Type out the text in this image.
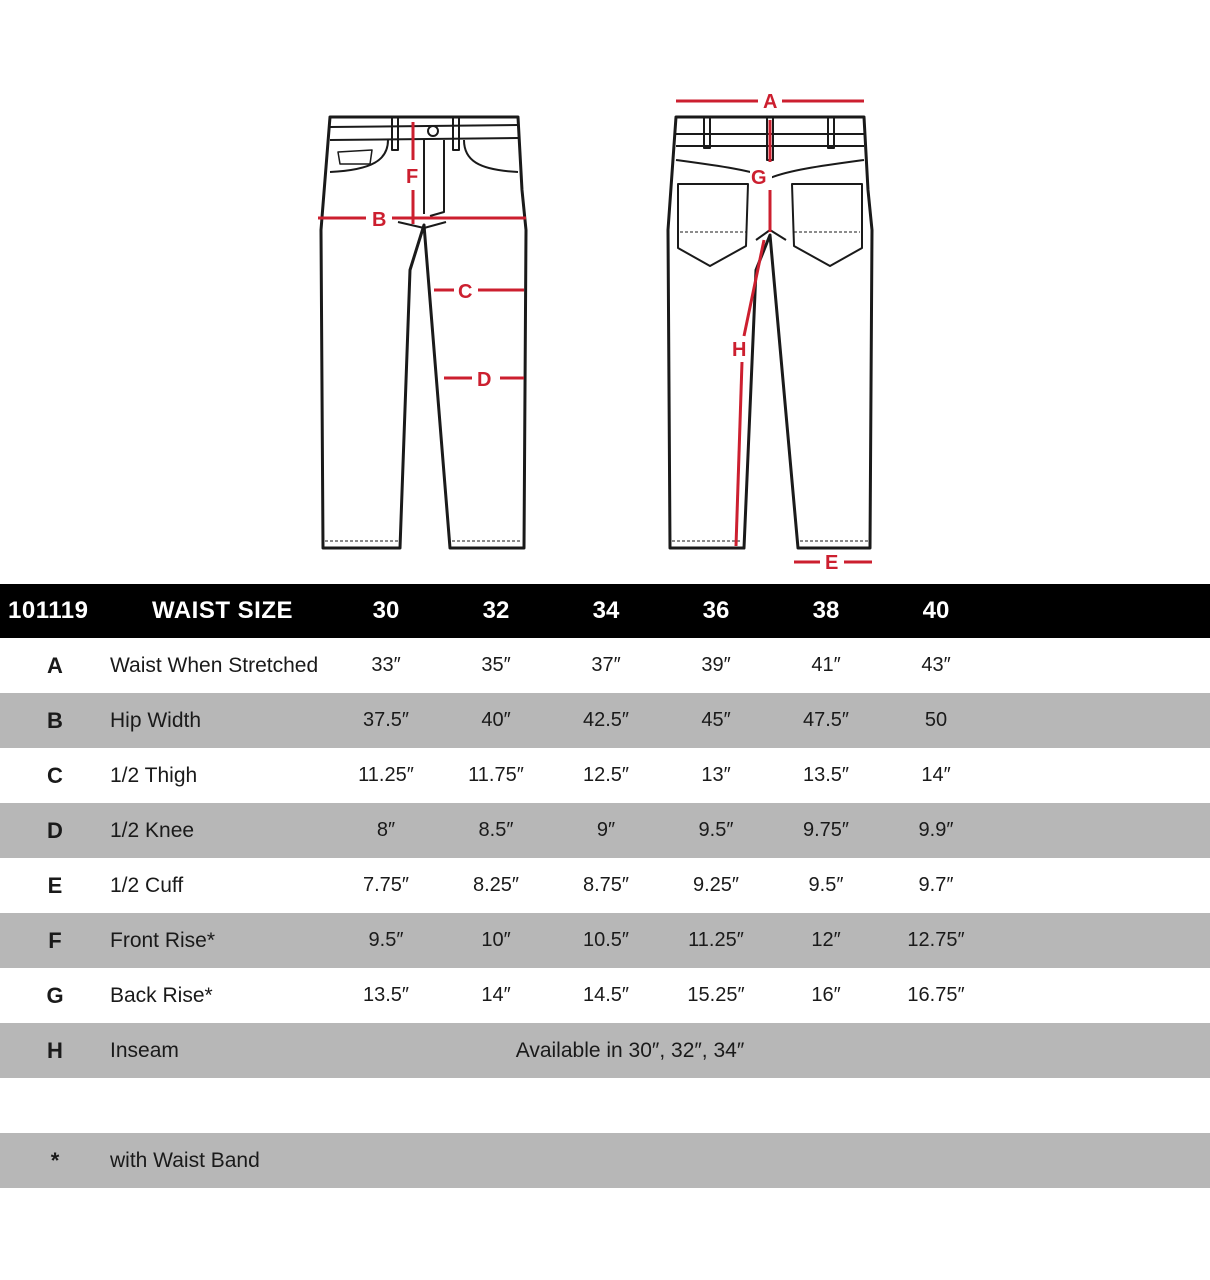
F
B
C
D
A
G
H
E
101119	WAIST SIZE	30	32	34	36	38	40
A Waist When Stretched	33″	35″	37″	39″	41″	43″
B Hip Width	37.5″	40″	42.5″	45″	47.5″	50
C 1/2 Thigh	11.25″	11.75″	12.5″	13″	13.5″	14″
D 1/2 Knee	8″	8.5″	9″	9.5″	9.75″	9.9″
E 1/2 Cuff	7.75″	8.25″	8.75″	9.25″	9.5″	9.7″
F Front Rise*	9.5″	10″	10.5″	11.25″	12″	12.75″
G Back Rise*	13.5″	14″	14.5″	15.25″	16″	16.75″
H Inseam	Available in 30″, 32″, 34″
*	with Waist Band
